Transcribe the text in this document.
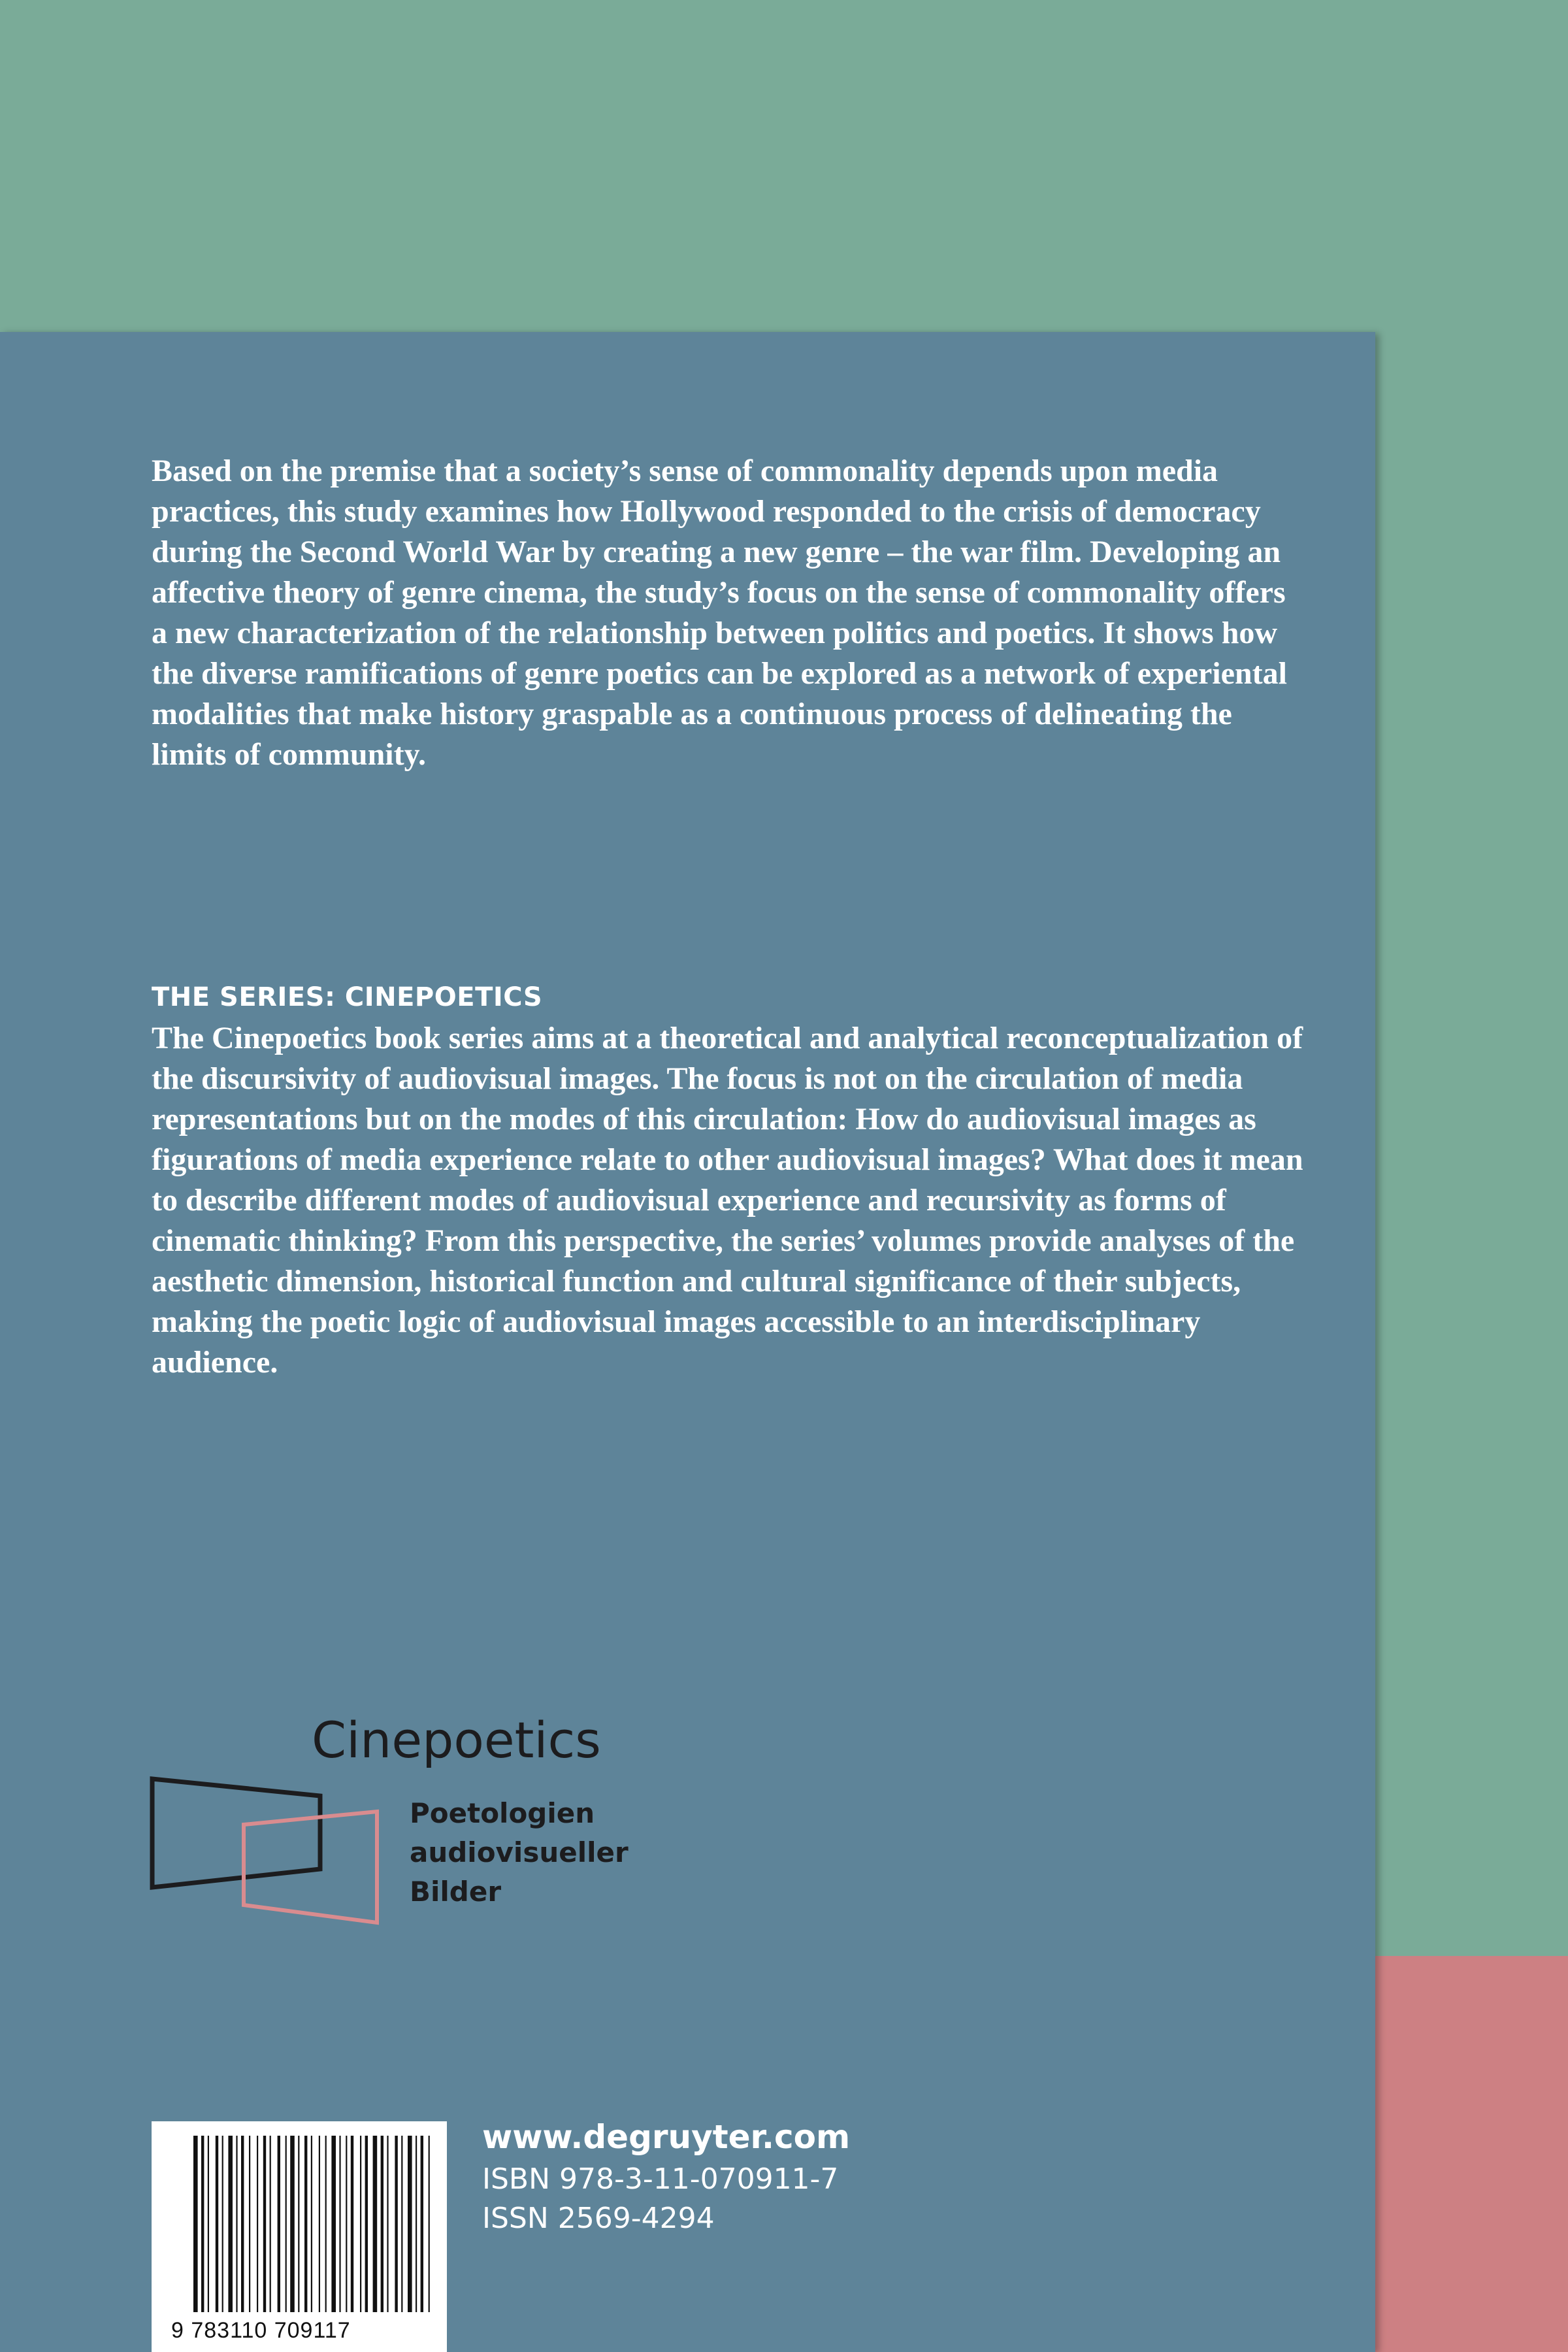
Based on the premise that a society’s sense of commonality depends upon media practices, this study examines how Hollywood responded to the crisis of democracy during the Second World War by creating a new genre – the war film. Developing an affective theory of genre cinema, the study’s focus on the sense of commonality offers a new characterization of the relationship between politics and poetics. It shows how the diverse ramifications of genre poetics can be explored as a network of experiental modalities that make history graspable as a continuous process of delineating the limits of community.

THE SERIES: CINEPOETICS

The Cinepoetics book series aims at a theoretical and analytical reconceptualization of the discursivity of audiovisual images. The focus is not on the circulation of media representations but on the modes of this circulation: How do audiovisual images as figurations of media experience relate to other audiovisual images? What does it mean to describe different modes of audiovisual experience and recursivity as forms of cinematic thinking? From this perspective, the series’ volumes provide analyses of the aesthetic dimension, historical function and cultural significance of their subjects, making the poetic logic of audiovisual images accessible to an interdisciplinary audience.

Cinepoetics
Poetologien
audiovisueller
Bilder
9 783110 709117
www.degruyter.com
ISBN 978-3-11-070911-7
ISSN 2569-4294
